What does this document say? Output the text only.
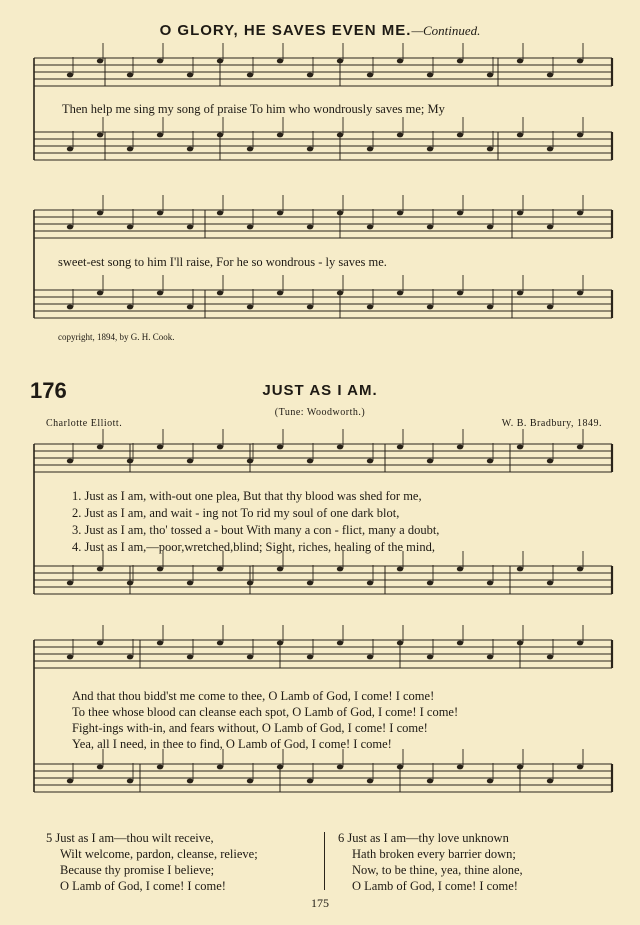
O GLORY, HE SAVES EVEN ME.—Continued.
Then help me sing my song of praise To him who wondrously saves me; My
sweet-est song to him I'll raise, For he so wondrous - ly saves me.
copyright, 1894, by G. H. Cook.
176	JUST AS I AM.
(Tune: Woodworth.)
Charlotte Elliott.	W. B. Bradbury, 1849.
1. Just as I am, with-out one plea, But that thy blood was shed for me,
2. Just as I am, and wait - ing not To rid my soul of one dark blot,
3. Just as I am, tho' tossed a - bout With many a con - flict, many a doubt,
4. Just as I am,—poor,wretched,blind; Sight, riches, healing of the mind,
And that thou bidd'st me come to thee, O Lamb of God, I come! I come!
To thee whose blood can cleanse each spot, O Lamb of God, I come! I come!
Fight-ings with-in, and fears without, O Lamb of God, I come! I come!
Yea, all I need, in thee to find, O Lamb of God, I come! I come!
5 Just as I am—thou wilt receive,
Wilt welcome, pardon, cleanse, relieve;
Because thy promise I believe;
O Lamb of God, I come! I come!
6 Just as I am—thy love unknown
Hath broken every barrier down;
Now, to be thine, yea, thine alone,
O Lamb of God, I come! I come!
175
